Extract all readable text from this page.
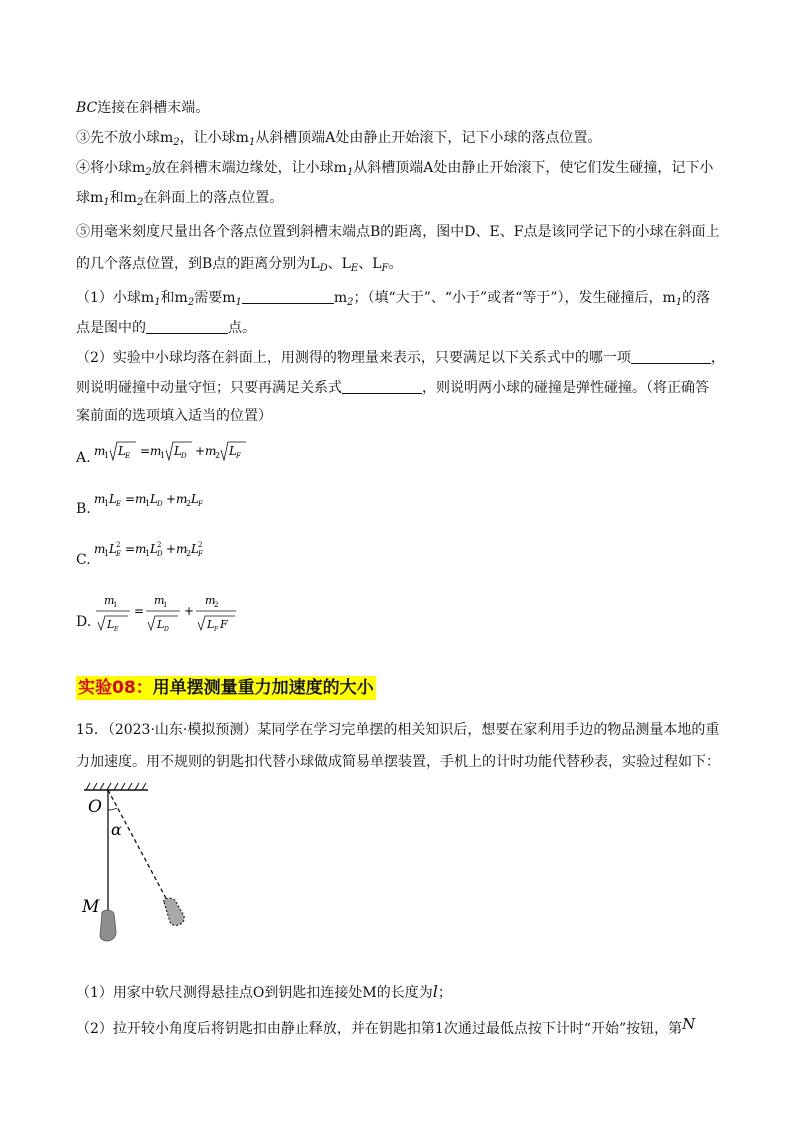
BC连接在斜槽末端。
③先不放小球$m_2$，让小球$m_1$从斜槽顶端A处由静止开始滚下，记下小球的落点位置。
④将小球$m_2$放在斜槽末端边缘处，让小球$m_1$从斜槽顶端A处由静止开始滚下，使它们发生碰撞，记下小
球$m_1$和$m_2$在斜面上的落点位置。
⑤用毫米刻度尺量出各个落点位置到斜槽末端点B的距离，图中D、E、F点是该同学记下的小球在斜面上
的几个落点位置，到B点的距离分别为$L_D$、$L_E$、$L_F$。
（1）小球$m_1$和$m_2$需要$m_1$	$m_2$；（填“大于”、“小于”或者“等于”），发生碰撞后，$m_1$的落
点是图中的	点。
（2）实验中小球均落在斜面上，用测得的物理量来表示，只要满足以下关系式中的哪一项	，
则说明碰撞中动量守恒；只要再满足关系式	，则说明两小球的碰撞是弹性碰撞。（将正确答
案前面的选项填入适当的位置）
A. m
1 L E = m
1 L D + m
2 L F
B.
m
1 L E = m
1 L D + m
2 L F
C.
m
1 L 2
E = m
1 L 2
D + m
2 L 2
F
D.
m
1
L E
=
m
1
L D
+
m
2
L F F
实验08：用单摆测量重力加速度的大小
15．（2023·山东·模拟预测）某同学在学习完单摆的相关知识后，想要在家利用手边的物品测量本地的重
力加速度。用不规则的钥匙扣代替小球做成简易单摆装置，手机上的计时功能代替秒表，实验过程如下：
O
α
M
（1）用家中软尺测得悬挂点O到钥匙扣连接处M的长度为l；
（2）拉开较小角度后将钥匙扣由静止释放，并在钥匙扣第1次通过最低点按下计时“开始”按钮，第N
